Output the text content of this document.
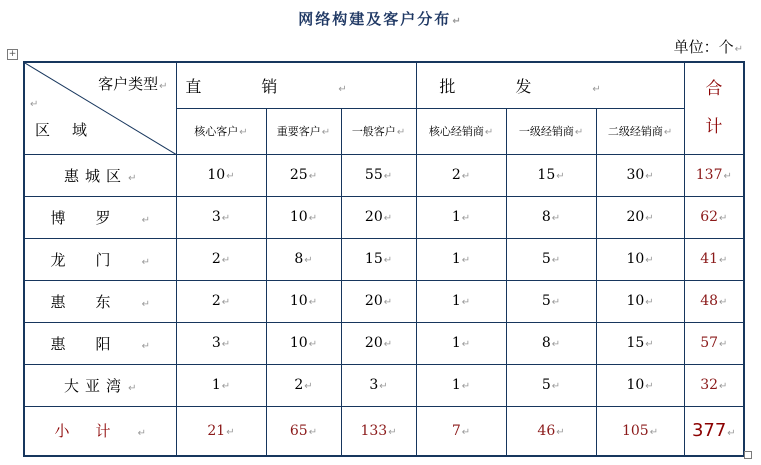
网络构建及客户分布↵
单位：个↵
+
客户类型↵
↵
区域	直销↵			批发↵			合计
	核心客户↵	重要客户↵	一般客户↵	核心经销商↵	一级经销商↵	二级经销商↵	
惠城区↵	10↵	25↵	55↵	2↵	15↵	30↵	137↵
博罗↵	3↵	10↵	20↵	1↵	8↵	20↵	62↵
龙门↵	2↵	8↵	15↵	1↵	5↵	10↵	41↵
惠东↵	2↵	10↵	20↵	1↵	5↵	10↵	48↵
惠阳↵	3↵	10↵	20↵	1↵	8↵	15↵	57↵
大亚湾↵	1↵	2↵	3↵	1↵	5↵	10↵	32↵
小计↵	21↵	65↵	133↵	7↵	46↵	105↵	377↵
